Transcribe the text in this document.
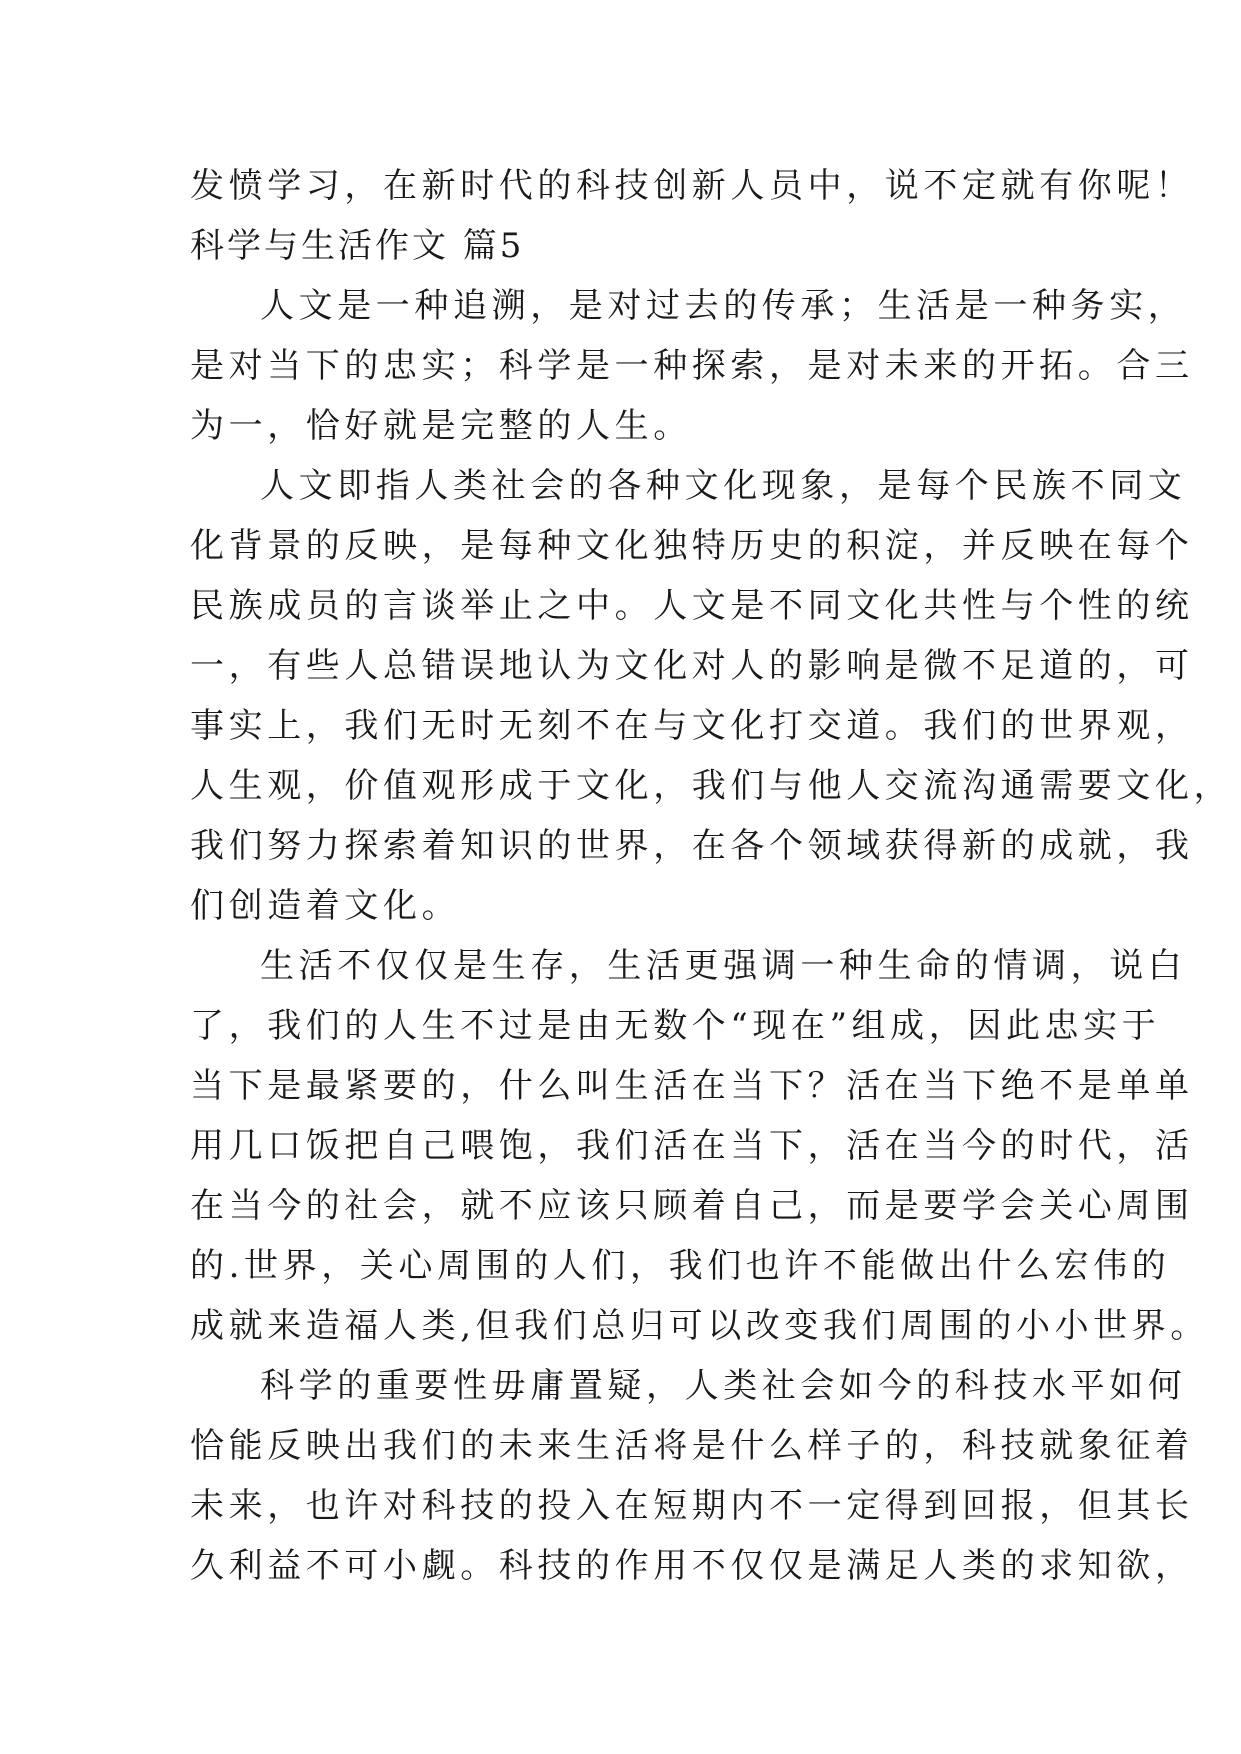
发愤学习，在新时代的科技创新人员中，说不定就有你呢！
科学与生活作文 篇5
人文是一种追溯，是对过去的传承；生活是一种务实，
是对当下的忠实；科学是一种探索，是对未来的开拓。合三
为一，恰好就是完整的人生。
人文即指人类社会的各种文化现象，是每个民族不同文
化背景的反映，是每种文化独特历史的积淀，并反映在每个
民族成员的言谈举止之中。人文是不同文化共性与个性的统
一，有些人总错误地认为文化对人的影响是微不足道的，可
事实上，我们无时无刻不在与文化打交道。我们的世界观，
人生观，价值观形成于文化，我们与他人交流沟通需要文化，
我们努力探索着知识的世界，在各个领域获得新的成就，我
们创造着文化。
生活不仅仅是生存，生活更强调一种生命的情调，说白
了，我们的人生不过是由无数个“现在”组成，因此忠实于
当下是最紧要的，什么叫生活在当下？活在当下绝不是单单
用几口饭把自己喂饱，我们活在当下，活在当今的时代，活
在当今的社会，就不应该只顾着自己，而是要学会关心周围
的.世界，关心周围的人们，我们也许不能做出什么宏伟的
成就来造福人类,但我们总归可以改变我们周围的小小世界。
科学的重要性毋庸置疑，人类社会如今的科技水平如何
恰能反映出我们的未来生活将是什么样子的，科技就象征着
未来，也许对科技的投入在短期内不一定得到回报，但其长
久利益不可小觑。科技的作用不仅仅是满足人类的求知欲，
